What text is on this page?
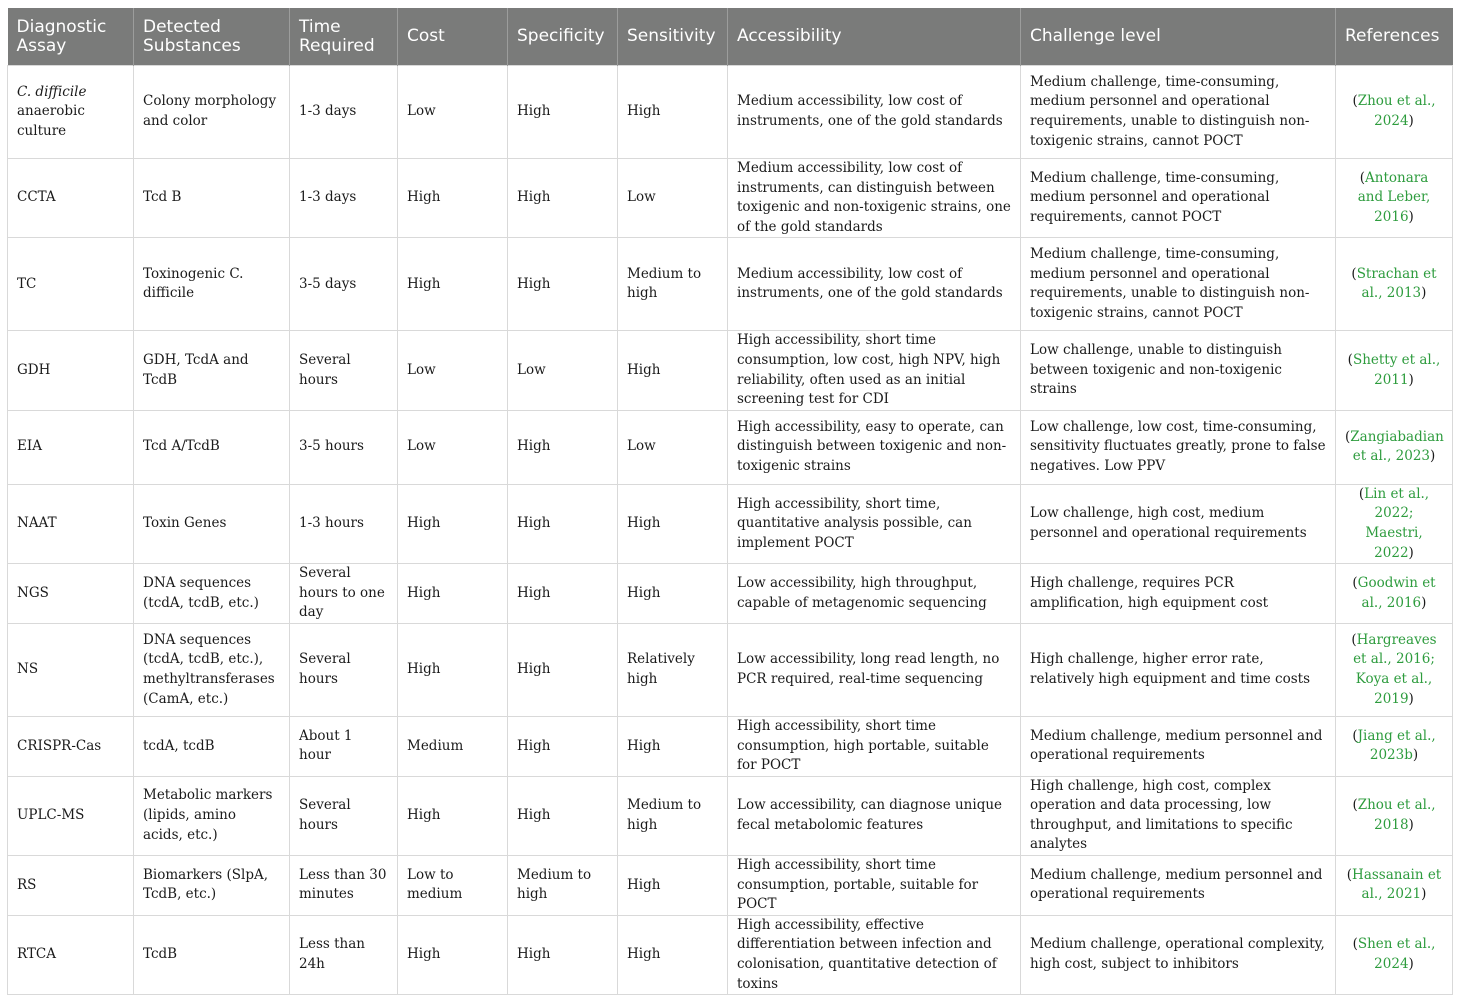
Diagnostic Assay	Detected Substances	Time Required	Cost	Specificity	Sensitivity	Accessibility	Challenge level	References
C. difficile
anaerobic culture	Colony morphology and color	1-3 days	Low	High	High	Medium accessibility, low cost of instruments, one of the gold standards	Medium challenge, time-consuming, medium personnel and operational requirements, unable to distinguish non-toxigenic strains, cannot POCT	(Zhou et al., 2024)
CCTA	Tcd B	1-3 days	High	High	Low	Medium accessibility, low cost of instruments, can distinguish between toxigenic and non-toxigenic strains, one of the gold standards	Medium challenge, time-consuming, medium personnel and operational requirements, cannot POCT	(Antonara and Leber, 2016)
TC	Toxinogenic C. difficile	3-5 days	High	High	Medium to high	Medium accessibility, low cost of instruments, one of the gold standards	Medium challenge, time-consuming, medium personnel and operational requirements, unable to distinguish non-toxigenic strains, cannot POCT	(Strachan et al., 2013)
GDH	GDH, TcdA and TcdB	Several hours	Low	Low	High	High accessibility, short time consumption, low cost, high NPV, high reliability, often used as an initial screening test for CDI	Low challenge, unable to distinguish between toxigenic and non-toxigenic strains	(Shetty et al., 2011)
EIA	Tcd A/TcdB	3-5 hours	Low	High	Low	High accessibility, easy to operate, can distinguish between toxigenic and non-toxigenic strains	Low challenge, low cost, time-consuming, sensitivity fluctuates greatly, prone to false negatives. Low PPV	(Zangiabadian et al., 2023)
NAAT	Toxin Genes	1-3 hours	High	High	High	High accessibility, short time, quantitative analysis possible, can implement POCT	Low challenge, high cost, medium personnel and operational requirements	(Lin et al., 2022; Maestri, 2022)
NGS	DNA sequences (tcdA, tcdB, etc.)	Several hours to one day	High	High	High	Low accessibility, high throughput, capable of metagenomic sequencing	High challenge, requires PCR amplification, high equipment cost	(Goodwin et al., 2016)
NS	DNA sequences (tcdA, tcdB, etc.), methyltransferases (CamA, etc.)	Several hours	High	High	Relatively high	Low accessibility, long read length, no PCR required, real-time sequencing	High challenge, higher error rate, relatively high equipment and time costs	(Hargreaves et al., 2016; Koya et al., 2019)
CRISPR-Cas	tcdA, tcdB	About 1 hour	Medium	High	High	High accessibility, short time consumption, high portable, suitable for POCT	Medium challenge, medium personnel and operational requirements	(Jiang et al., 2023b)
UPLC-MS	Metabolic markers (lipids, amino acids, etc.)	Several hours	High	High	Medium to high	Low accessibility, can diagnose unique fecal metabolomic features	High challenge, high cost, complex operation and data processing, low throughput, and limitations to specific analytes	(Zhou et al., 2018)
RS	Biomarkers (SlpA, TcdB, etc.)	Less than 30 minutes	Low to medium	Medium to high	High	High accessibility, short time consumption, portable, suitable for POCT	Medium challenge, medium personnel and operational requirements	(Hassanain et al., 2021)
RTCA	TcdB	Less than 24h	High	High	High	High accessibility, effective differentiation between infection and colonisation, quantitative detection of toxins	Medium challenge, operational complexity, high cost, subject to inhibitors	(Shen et al., 2024)
